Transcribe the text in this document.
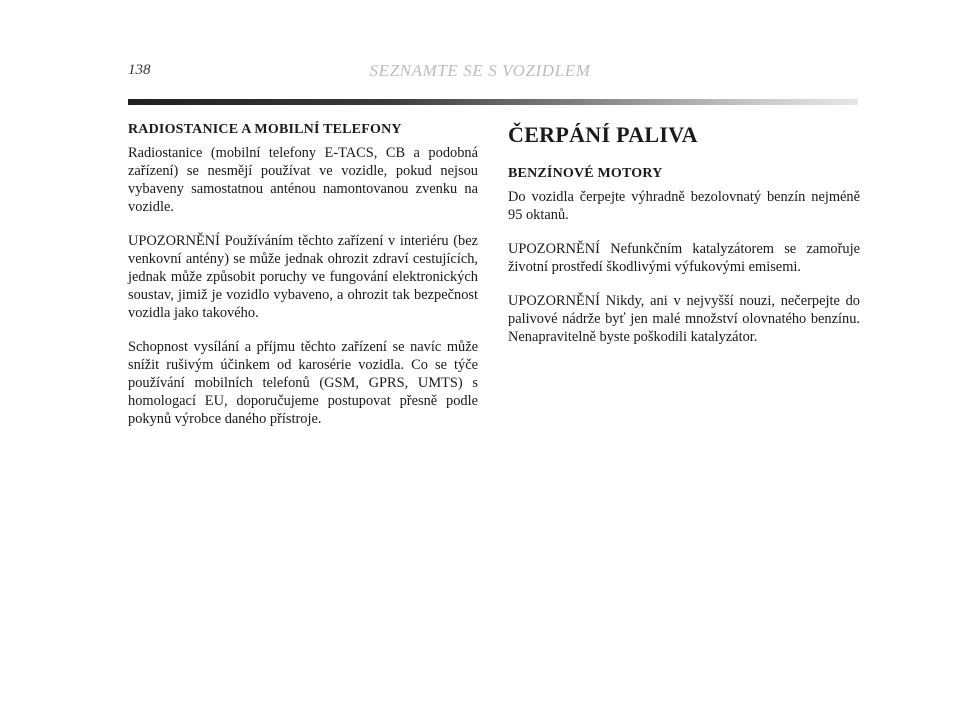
138	SEZNAMTE SE S VOZIDLEM
RADIOSTANICE A MOBILNÍ TELEFONY

Radiostanice (mobilní telefony E-TACS, CB a podobná zařízení) se nesmějí používat ve vozidle, pokud nejsou vybaveny samostatnou anténou namontovanou zvenku na vozidle.

UPOZORNĚNÍ Používáním těchto zařízení v interiéru (bez venkovní antény) se může jednak ohrozit zdraví cestujících, jednak může způsobit poruchy ve fungování elektronických soustav, jimiž je vozidlo vybaveno, a ohrozit tak bezpečnost vozidla jako takového.

Schopnost vysílání a příjmu těchto zařízení se navíc může snížit rušivým účinkem od karosérie vozidla. Co se týče používání mobilních telefonů (GSM, GPRS, UMTS) s homologací EU, doporučujeme postupovat přesně podle pokynů výrobce daného přístroje.

ČERPÁNÍ PALIVA
BENZÍNOVÉ MOTORY

Do vozidla čerpejte výhradně bezolovnatý benzín nejméně 95 oktanů.

UPOZORNĚNÍ Nefunkčním katalyzátorem se zamořuje životní prostředí škodlivými výfukovými emisemi.

UPOZORNĚNÍ Nikdy, ani v nejvyšší nouzi, nečerpejte do palivové nádrže byť jen malé množství olovnatého benzínu. Nenapravitelně byste poškodili katalyzátor.
